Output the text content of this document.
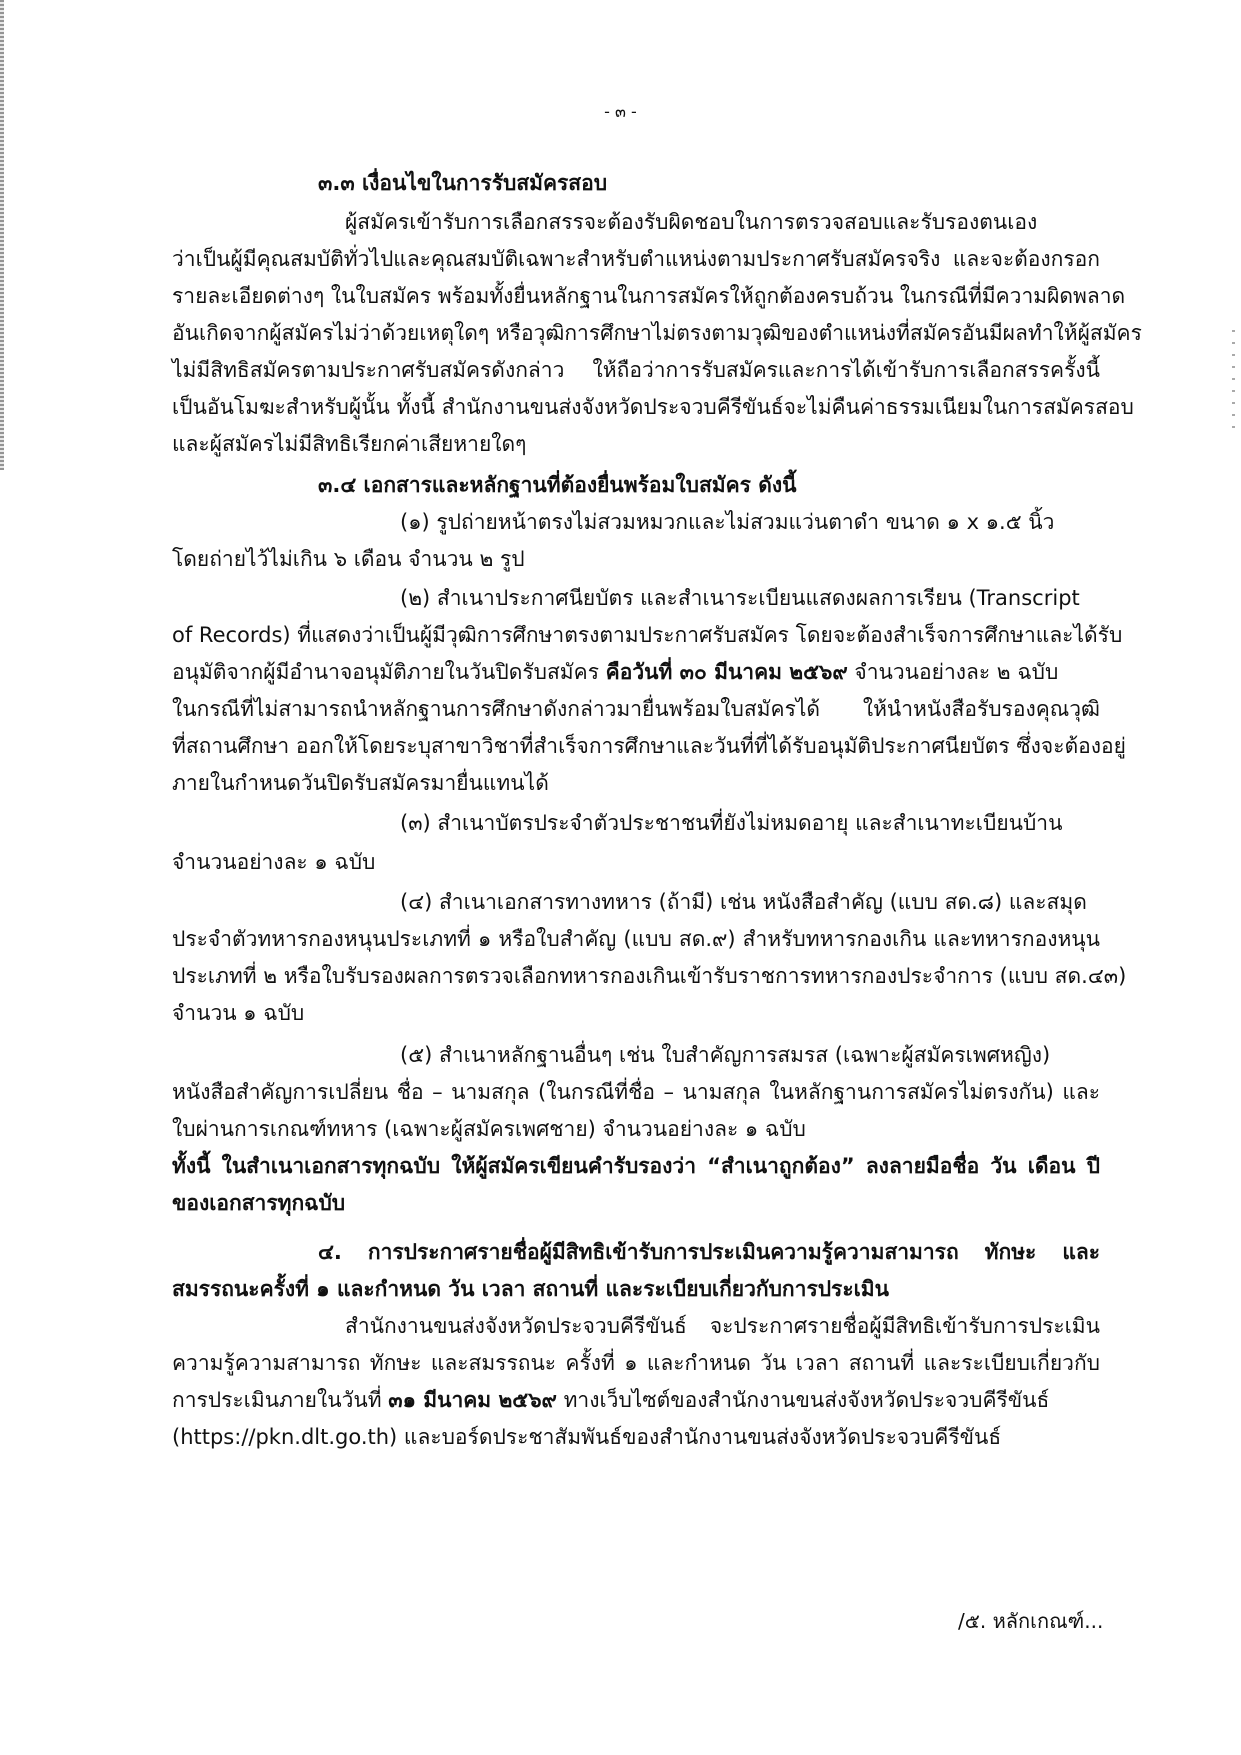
- ๓ -
๓.๓ เงื่อนไขในการรับสมัครสอบ
ผู้สมัครเข้ารับการเลือกสรรจะต้องรับผิดชอบในการตรวจสอบและรับรองตนเอง
ว่าเป็นผู้มีคุณสมบัติทั่วไปและคุณสมบัติเฉพาะสำหรับตำแหน่งตามประกาศรับสมัครจริง และจะต้องกรอก
รายละเอียดต่างๆ ในใบสมัคร พร้อมทั้งยื่นหลักฐานในการสมัครให้ถูกต้องครบถ้วน ในกรณีที่มีความผิดพลาด
อันเกิดจากผู้สมัครไม่ว่าด้วยเหตุใดๆ หรือวุฒิการศึกษาไม่ตรงตามวุฒิของตำแหน่งที่สมัครอันมีผลทำให้ผู้สมัคร
ไม่มีสิทธิสมัครตามประกาศรับสมัครดังกล่าว ให้ถือว่าการรับสมัครและการได้เข้ารับการเลือกสรรครั้งนี้
เป็นอันโมฆะสำหรับผู้นั้น ทั้งนี้ สำนักงานขนส่งจังหวัดประจวบคีรีขันธ์จะไม่คืนค่าธรรมเนียมในการสมัครสอบ
และผู้สมัครไม่มีสิทธิเรียกค่าเสียหายใดๆ
๓.๔ เอกสารและหลักฐานที่ต้องยื่นพร้อมใบสมัคร ดังนี้
(๑) รูปถ่ายหน้าตรงไม่สวมหมวกและไม่สวมแว่นตาดำ ขนาด ๑ x ๑.๕ นิ้ว
โดยถ่ายไว้ไม่เกิน ๖ เดือน จำนวน ๒ รูป
(๒) สำเนาประกาศนียบัตร และสำเนาระเบียนแสดงผลการเรียน (Transcript
of Records) ที่แสดงว่าเป็นผู้มีวุฒิการศึกษาตรงตามประกาศรับสมัคร โดยจะต้องสำเร็จการศึกษาและได้รับ
อนุมัติจากผู้มีอำนาจอนุมัติภายในวันปิดรับสมัคร คือวันที่ ๓๐ มีนาคม ๒๕๖๙ จำนวนอย่างละ ๒ ฉบับ
ในกรณีที่ไม่สามารถนำหลักฐานการศึกษาดังกล่าวมายื่นพร้อมใบสมัครได้ ให้นำหนังสือรับรองคุณวุฒิ
ที่สถานศึกษา ออกให้โดยระบุสาขาวิชาที่สำเร็จการศึกษาและวันที่ที่ได้รับอนุมัติประกาศนียบัตร ซึ่งจะต้องอยู่
ภายในกำหนดวันปิดรับสมัครมายื่นแทนได้
(๓) สำเนาบัตรประจำตัวประชาชนที่ยังไม่หมดอายุ และสำเนาทะเบียนบ้าน
จำนวนอย่างละ ๑ ฉบับ
(๔) สำเนาเอกสารทางทหาร (ถ้ามี) เช่น หนังสือสำคัญ (แบบ สด.๘) และสมุด
ประจำตัวทหารกองหนุนประเภทที่ ๑ หรือใบสำคัญ (แบบ สด.๙) สำหรับทหารกองเกิน และทหารกองหนุน
ประเภทที่ ๒ หรือใบรับรองผลการตรวจเลือกทหารกองเกินเข้ารับราชการทหารกองประจำการ (แบบ สด.๔๓)
จำนวน ๑ ฉบับ
(๕) สำเนาหลักฐานอื่นๆ เช่น ใบสำคัญการสมรส (เฉพาะผู้สมัครเพศหญิง)
หนังสือสำคัญการเปลี่ยน ชื่อ – นามสกุล (ในกรณีที่ชื่อ – นามสกุล ในหลักฐานการสมัครไม่ตรงกัน) และ
ใบผ่านการเกณฑ์ทหาร (เฉพาะผู้สมัครเพศชาย) จำนวนอย่างละ ๑ ฉบับ
ทั้งนี้ ในสำเนาเอกสารทุกฉบับ ให้ผู้สมัครเขียนคำรับรองว่า “สำเนาถูกต้อง” ลงลายมือชื่อ วัน เดือน ปี
ของเอกสารทุกฉบับ
๔. การประกาศรายชื่อผู้มีสิทธิเข้ารับการประเมินความรู้ความสามารถ ทักษะ และ
สมรรถนะครั้งที่ ๑ และกำหนด วัน เวลา สถานที่ และระเบียบเกี่ยวกับการประเมิน
สำนักงานขนส่งจังหวัดประจวบคีรีขันธ์ จะประกาศรายชื่อผู้มีสิทธิเข้ารับการประเมิน
ความรู้ความสามารถ ทักษะ และสมรรถนะ ครั้งที่ ๑ และกำหนด วัน เวลา สถานที่ และระเบียบเกี่ยวกับ
การประเมินภายในวันที่ ๓๑ มีนาคม ๒๕๖๙ ทางเว็บไซต์ของสำนักงานขนส่งจังหวัดประจวบคีรีขันธ์
(https://pkn.dlt.go.th) และบอร์ดประชาสัมพันธ์ของสำนักงานขนส่งจังหวัดประจวบคีรีขันธ์
/๕. หลักเกณฑ์...
